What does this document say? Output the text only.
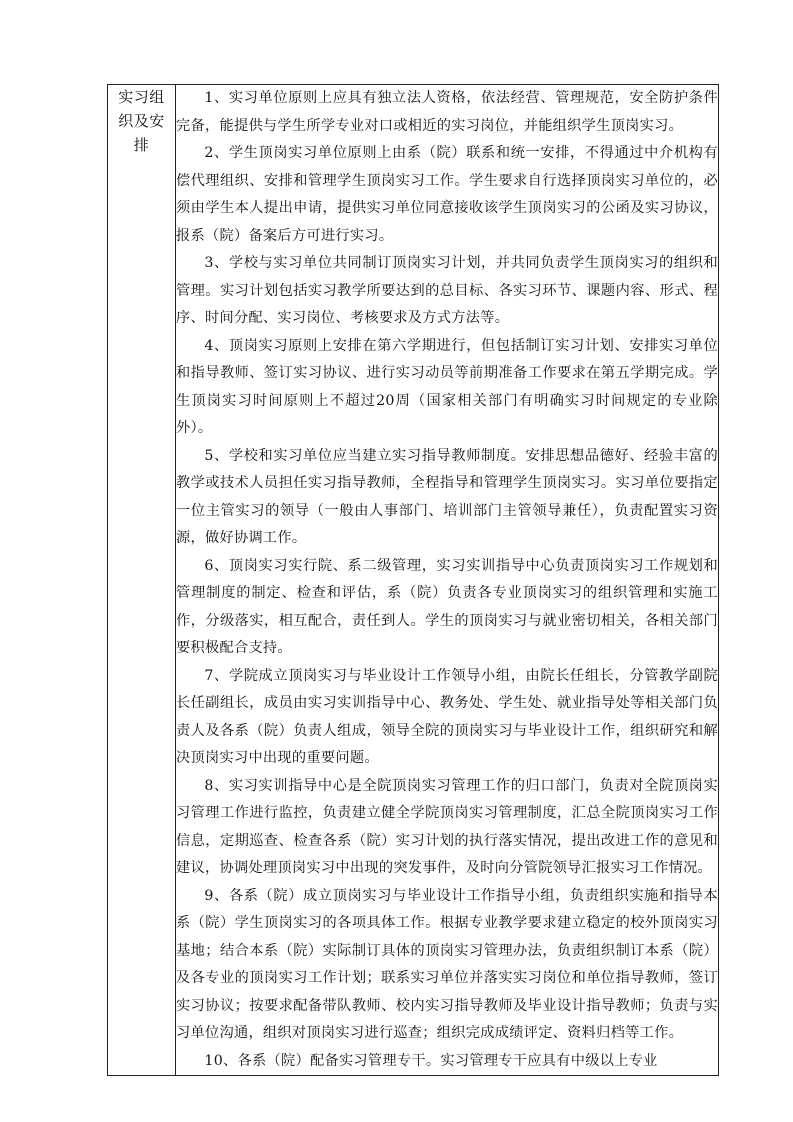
实习组织及安排	

1、实习单位原则上应具有独立法人资格，依法经营、管理规范，安全防护条件完备，能提供与学生所学专业对口或相近的实习岗位，并能组织学生顶岗实习。

2、学生顶岗实习单位原则上由系（院）联系和统一安排，不得通过中介机构有偿代理组织、安排和管理学生顶岗实习工作。学生要求自行选择顶岗实习单位的，必须由学生本人提出申请，提供实习单位同意接收该学生顶岗实习的公函及实习协议，报系（院）备案后方可进行实习。

3、学校与实习单位共同制订顶岗实习计划，并共同负责学生顶岗实习的组织和管理。实习计划包括实习教学所要达到的总目标、各实习环节、课题内容、形式、程序、时间分配、实习岗位、考核要求及方式方法等。

4、顶岗实习原则上安排在第六学期进行，但包括制订实习计划、安排实习单位和指导教师、签订实习协议、进行实习动员等前期准备工作要求在第五学期完成。学生顶岗实习时间原则上不超过20周（国家相关部门有明确实习时间规定的专业除外）。

5、学校和实习单位应当建立实习指导教师制度。安排思想品德好、经验丰富的教学或技术人员担任实习指导教师，全程指导和管理学生顶岗实习。实习单位要指定一位主管实习的领导（一般由人事部门、培训部门主管领导兼任），负责配置实习资源，做好协调工作。

6、顶岗实习实行院、系二级管理，实习实训指导中心负责顶岗实习工作规划和管理制度的制定、检查和评估，系（院）负责各专业顶岗实习的组织管理和实施工作，分级落实，相互配合，责任到人。学生的顶岗实习与就业密切相关，各相关部门要积极配合支持。

7、学院成立顶岗实习与毕业设计工作领导小组，由院长任组长，分管教学副院长任副组长，成员由实习实训指导中心、教务处、学生处、就业指导处等相关部门负责人及各系（院）负责人组成，领导全院的顶岗实习与毕业设计工作，组织研究和解决顶岗实习中出现的重要问题。

8、实习实训指导中心是全院顶岗实习管理工作的归口部门，负责对全院顶岗实习管理工作进行监控，负责建立健全学院顶岗实习管理制度，汇总全院顶岗实习工作信息，定期巡查、检查各系（院）实习计划的执行落实情况，提出改进工作的意见和建议，协调处理顶岗实习中出现的突发事件，及时向分管院领导汇报实习工作情况。

9、各系（院）成立顶岗实习与毕业设计工作指导小组，负责组织实施和指导本系（院）学生顶岗实习的各项具体工作。根据专业教学要求建立稳定的校外顶岗实习基地；结合本系（院）实际制订具体的顶岗实习管理办法，负责组织制订本系（院）及各专业的顶岗实习工作计划；联系实习单位并落实实习岗位和单位指导教师，签订实习协议；按要求配备带队教师、校内实习指导教师及毕业设计指导教师；负责与实习单位沟通，组织对顶岗实习进行巡查；组织完成成绩评定、资料归档等工作。

10、各系（院）配备实习管理专干。实习管理专干应具有中级以上专业
